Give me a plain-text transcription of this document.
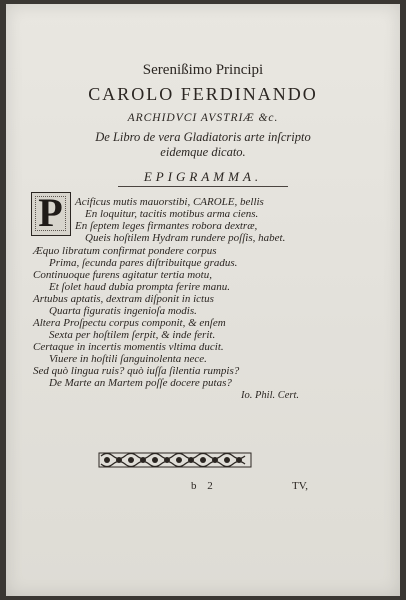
Serenißimo Principi
CAROLO FERDINANDO
ARCHIDVCI AVSTRIÆ &c.
De Libro de vera Gladiatoris arte inſcripto
eidemque dicato.
EPIGRAMMA.
P	Acificus mutis mauorstibi, CAROLE, bellis
En loquitur, tacitis motibus arma ciens.
En ſeptem leges firmantes robora dextræ,
Queis hoſtilem Hydram rundere poſſis, habet.
Æquo libratum confirmat pondere corpus
Prima, ſecunda pares diſtribuitque gradus.
Continuoque furens agitatur tertia motu,
Et ſolet haud dubia prompta ferire manu.
Artubus aptatis, dextram diſponit in ictus
Quarta figuratis ingenioſa modis.
Altera Proſpectu corpus componit, & enſem
Sexta per hoſtilem ſerpit, & inde ferit.
Certaque in incertis momentis vltima ducit.
Viuere in hoſtili ſanguinolenta nece.
Sed quò lingua ruis? quò iuſſa ſilentia rumpis?
De Marte an Martem poſſe docere putas?
Io. Phil. Cert.
b 2	TV,
